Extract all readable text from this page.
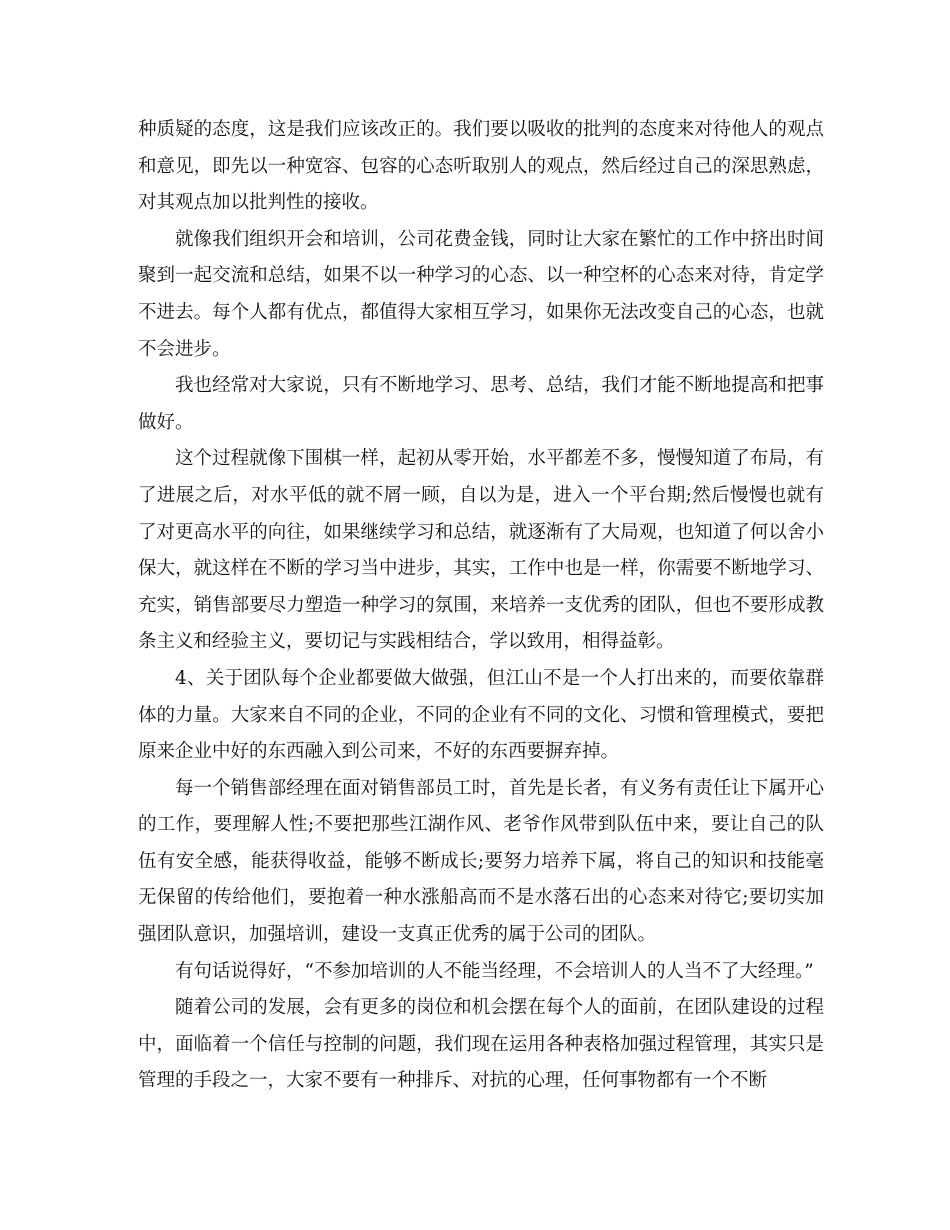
种质疑的态度，这是我们应该改正的。我们要以吸收的批判的态度来对待他人的观点和意见，即先以一种宽容、包容的心态听取别人的观点，然后经过自己的深思熟虑，对其观点加以批判性的接收。

就像我们组织开会和培训，公司花费金钱，同时让大家在繁忙的工作中挤出时间聚到一起交流和总结，如果不以一种学习的心态、以一种空杯的心态来对待，肯定学不进去。每个人都有优点，都值得大家相互学习，如果你无法改变自己的心态，也就不会进步。

我也经常对大家说，只有不断地学习、思考、总结，我们才能不断地提高和把事做好。

这个过程就像下围棋一样，起初从零开始，水平都差不多，慢慢知道了布局，有了进展之后，对水平低的就不屑一顾，自以为是，进入一个平台期;然后慢慢也就有了对更高水平的向往，如果继续学习和总结，就逐渐有了大局观，也知道了何以舍小保大，就这样在不断的学习当中进步，其实，工作中也是一样，你需要不断地学习、充实，销售部要尽力塑造一种学习的氛围，来培养一支优秀的团队，但也不要形成教条主义和经验主义，要切记与实践相结合，学以致用，相得益彰。

4、关于团队每个企业都要做大做强，但江山不是一个人打出来的，而要依靠群体的力量。大家来自不同的企业，不同的企业有不同的文化、习惯和管理模式，要把原来企业中好的东西融入到公司来，不好的东西要摒弃掉。

每一个销售部经理在面对销售部员工时，首先是长者，有义务有责任让下属开心的工作，要理解人性;不要把那些江湖作风、老爷作风带到队伍中来，要让自己的队伍有安全感，能获得收益，能够不断成长;要努力培养下属，将自己的知识和技能毫无保留的传给他们，要抱着一种水涨船高而不是水落石出的心态来对待它;要切实加强团队意识，加强培训，建设一支真正优秀的属于公司的团队。

有句话说得好，“不参加培训的人不能当经理，不会培训人的人当不了大经理。”

随着公司的发展，会有更多的岗位和机会摆在每个人的面前，在团队建设的过程中，面临着一个信任与控制的问题，我们现在运用各种表格加强过程管理，其实只是管理的手段之一，大家不要有一种排斥、对抗的心理，任何事物都有一个不断
